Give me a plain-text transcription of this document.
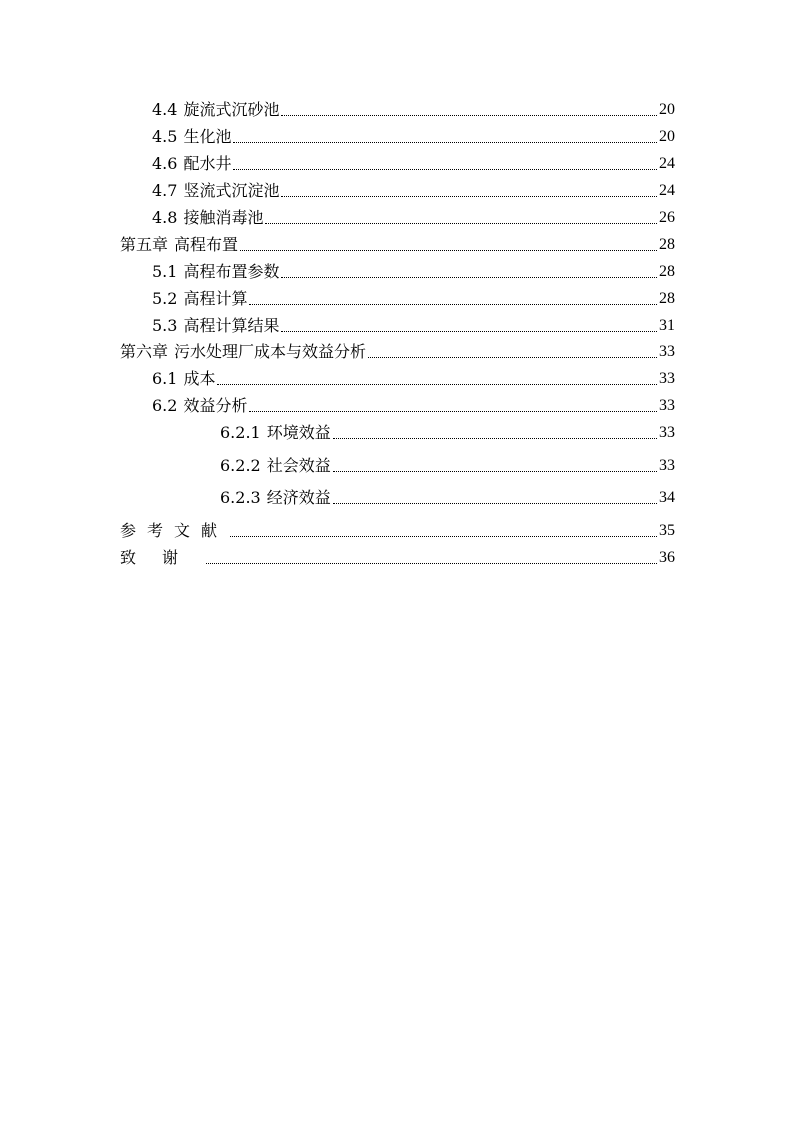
4.4 旋流式沉砂池	20
4.5 生化池	20
4.6 配水井	24
4.7 竖流式沉淀池	24
4.8 接触消毒池	26
第五章 高程布置	28
5.1 高程布置参数	28
5.2 高程计算	28
5.3 高程计算结果	31
第六章 污水处理厂成本与效益分析	33
6.1 成本	33
6.2 效益分析	33
6.2.1 环境效益	33
6.2.2 社会效益	33
6.2.3 经济效益	34
参考文献	35
致谢	36
